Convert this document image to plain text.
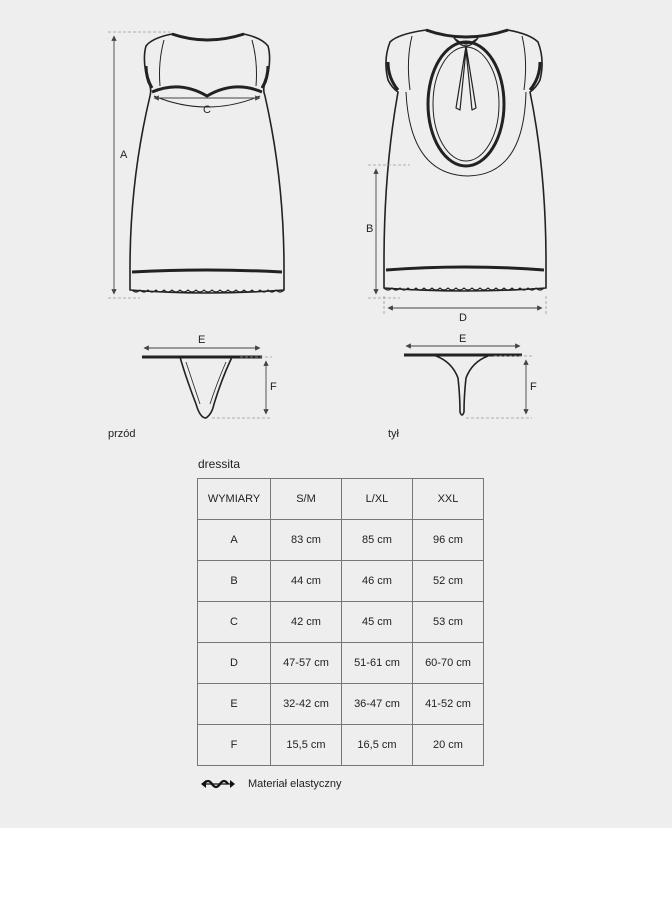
A
C
B
D
E
F
E
F
przód	tył
dressita
WYMIARY	S/M	L/XL	XXL
A	83 cm	85 cm	96 cm
B	44 cm	46 cm	52 cm
C	42 cm	45 cm	53 cm
D	47-57 cm	51-61 cm	60-70 cm
E	32-42 cm	36-47 cm	41-52 cm
F	15,5 cm	16,5 cm	20 cm
Materiał elastyczny
